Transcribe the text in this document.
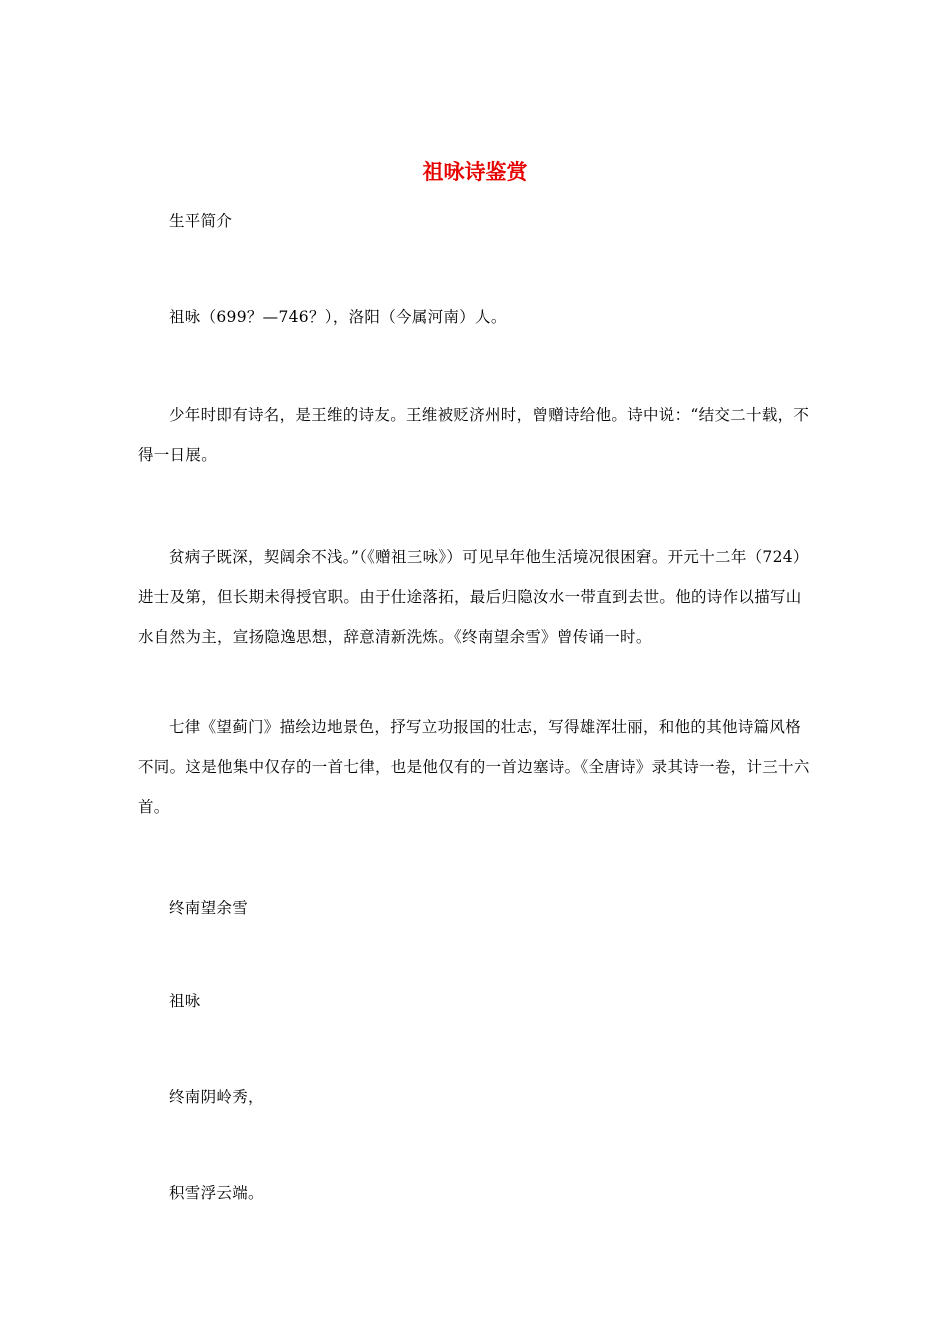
祖咏诗鉴赏

生平简介

祖咏（699？—746？），洛阳（今属河南）人。

少年时即有诗名，是王维的诗友。王维被贬济州时，曾赠诗给他。诗中说：“结交二十载，不得一日展。

贫病子既深，契阔余不浅。”（《赠祖三咏》）可见早年他生活境况很困窘。开元十二年（724）进士及第，但长期未得授官职。由于仕途落拓，最后归隐汝水一带直到去世。他的诗作以描写山水自然为主，宣扬隐逸思想，辞意清新洗炼。《终南望余雪》曾传诵一时。

七律《望蓟门》描绘边地景色，抒写立功报国的壮志，写得雄浑壮丽，和他的其他诗篇风格不同。这是他集中仅存的一首七律，也是他仅有的一首边塞诗。《全唐诗》录其诗一卷，计三十六首。

终南望余雪

祖咏

终南阴岭秀，

积雪浮云端。
